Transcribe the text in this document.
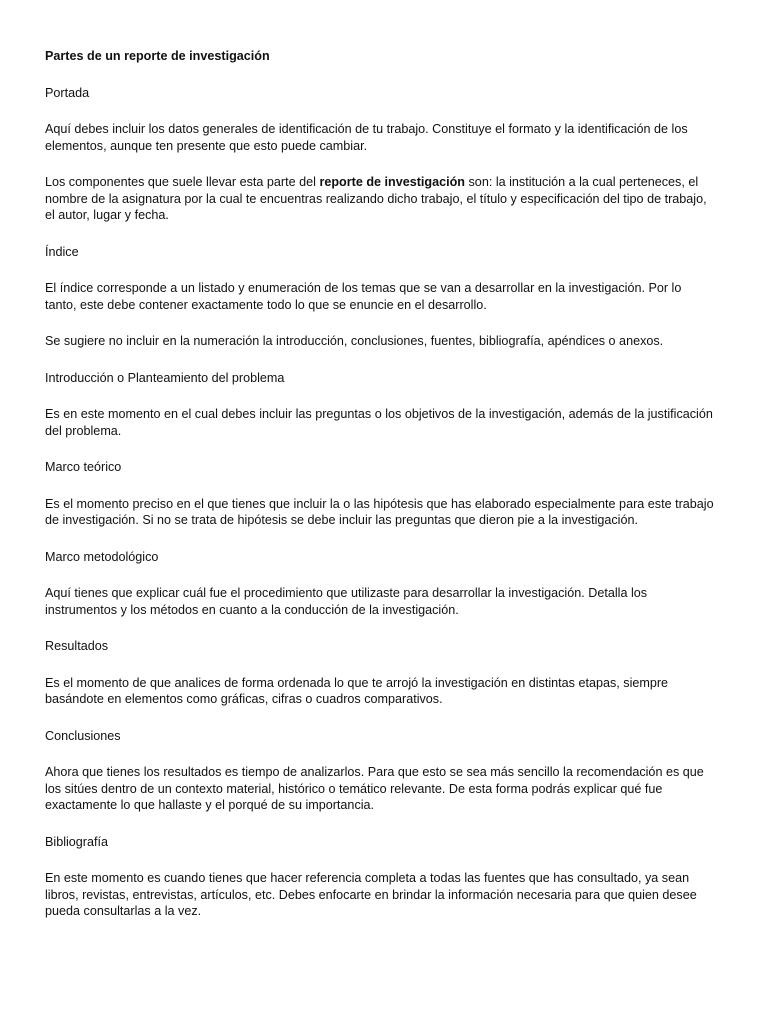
Partes de un reporte de investigación
Portada
Aquí debes incluir los datos generales de identificación de tu trabajo. Constituye el formato y la identificación de los elementos, aunque ten presente que esto puede cambiar.
Los componentes que suele llevar esta parte del reporte de investigación son: la institución a la cual perteneces, el nombre de la asignatura por la cual te encuentras realizando dicho trabajo, el título y especificación del tipo de trabajo, el autor, lugar y fecha.
Índice
El índice corresponde a un listado y enumeración de los temas que se van a desarrollar en la investigación. Por lo tanto, este debe contener exactamente todo lo que se enuncie en el desarrollo.
Se sugiere no incluir en la numeración la introducción, conclusiones, fuentes, bibliografía, apéndices o anexos.
Introducción o Planteamiento del problema
Es en este momento en el cual debes incluir las preguntas o los objetivos de la investigación, además de la justificación del problema.
Marco teórico
Es el momento preciso en el que tienes que incluir la o las hipótesis que has elaborado especialmente para este trabajo de investigación. Si no se trata de hipótesis se debe incluir las preguntas que dieron pie a la investigación.
Marco metodológico
Aquí tienes que explicar cuál fue el procedimiento que utilizaste para desarrollar la investigación. Detalla los instrumentos y los métodos en cuanto a la conducción de la investigación.
Resultados
Es el momento de que analices de forma ordenada lo que te arrojó la investigación en distintas etapas, siempre basándote en elementos como gráficas, cifras o cuadros comparativos.
Conclusiones
Ahora que tienes los resultados es tiempo de analizarlos. Para que esto se sea más sencillo la recomendación es que los sitúes dentro de un contexto material, histórico o temático relevante. De esta forma podrás explicar qué fue exactamente lo que hallaste y el porqué de su importancia.
Bibliografía
En este momento es cuando tienes que hacer referencia completa a todas las fuentes que has consultado, ya sean libros, revistas, entrevistas, artículos, etc. Debes enfocarte en brindar la información necesaria para que quien desee pueda consultarlas a la vez.
